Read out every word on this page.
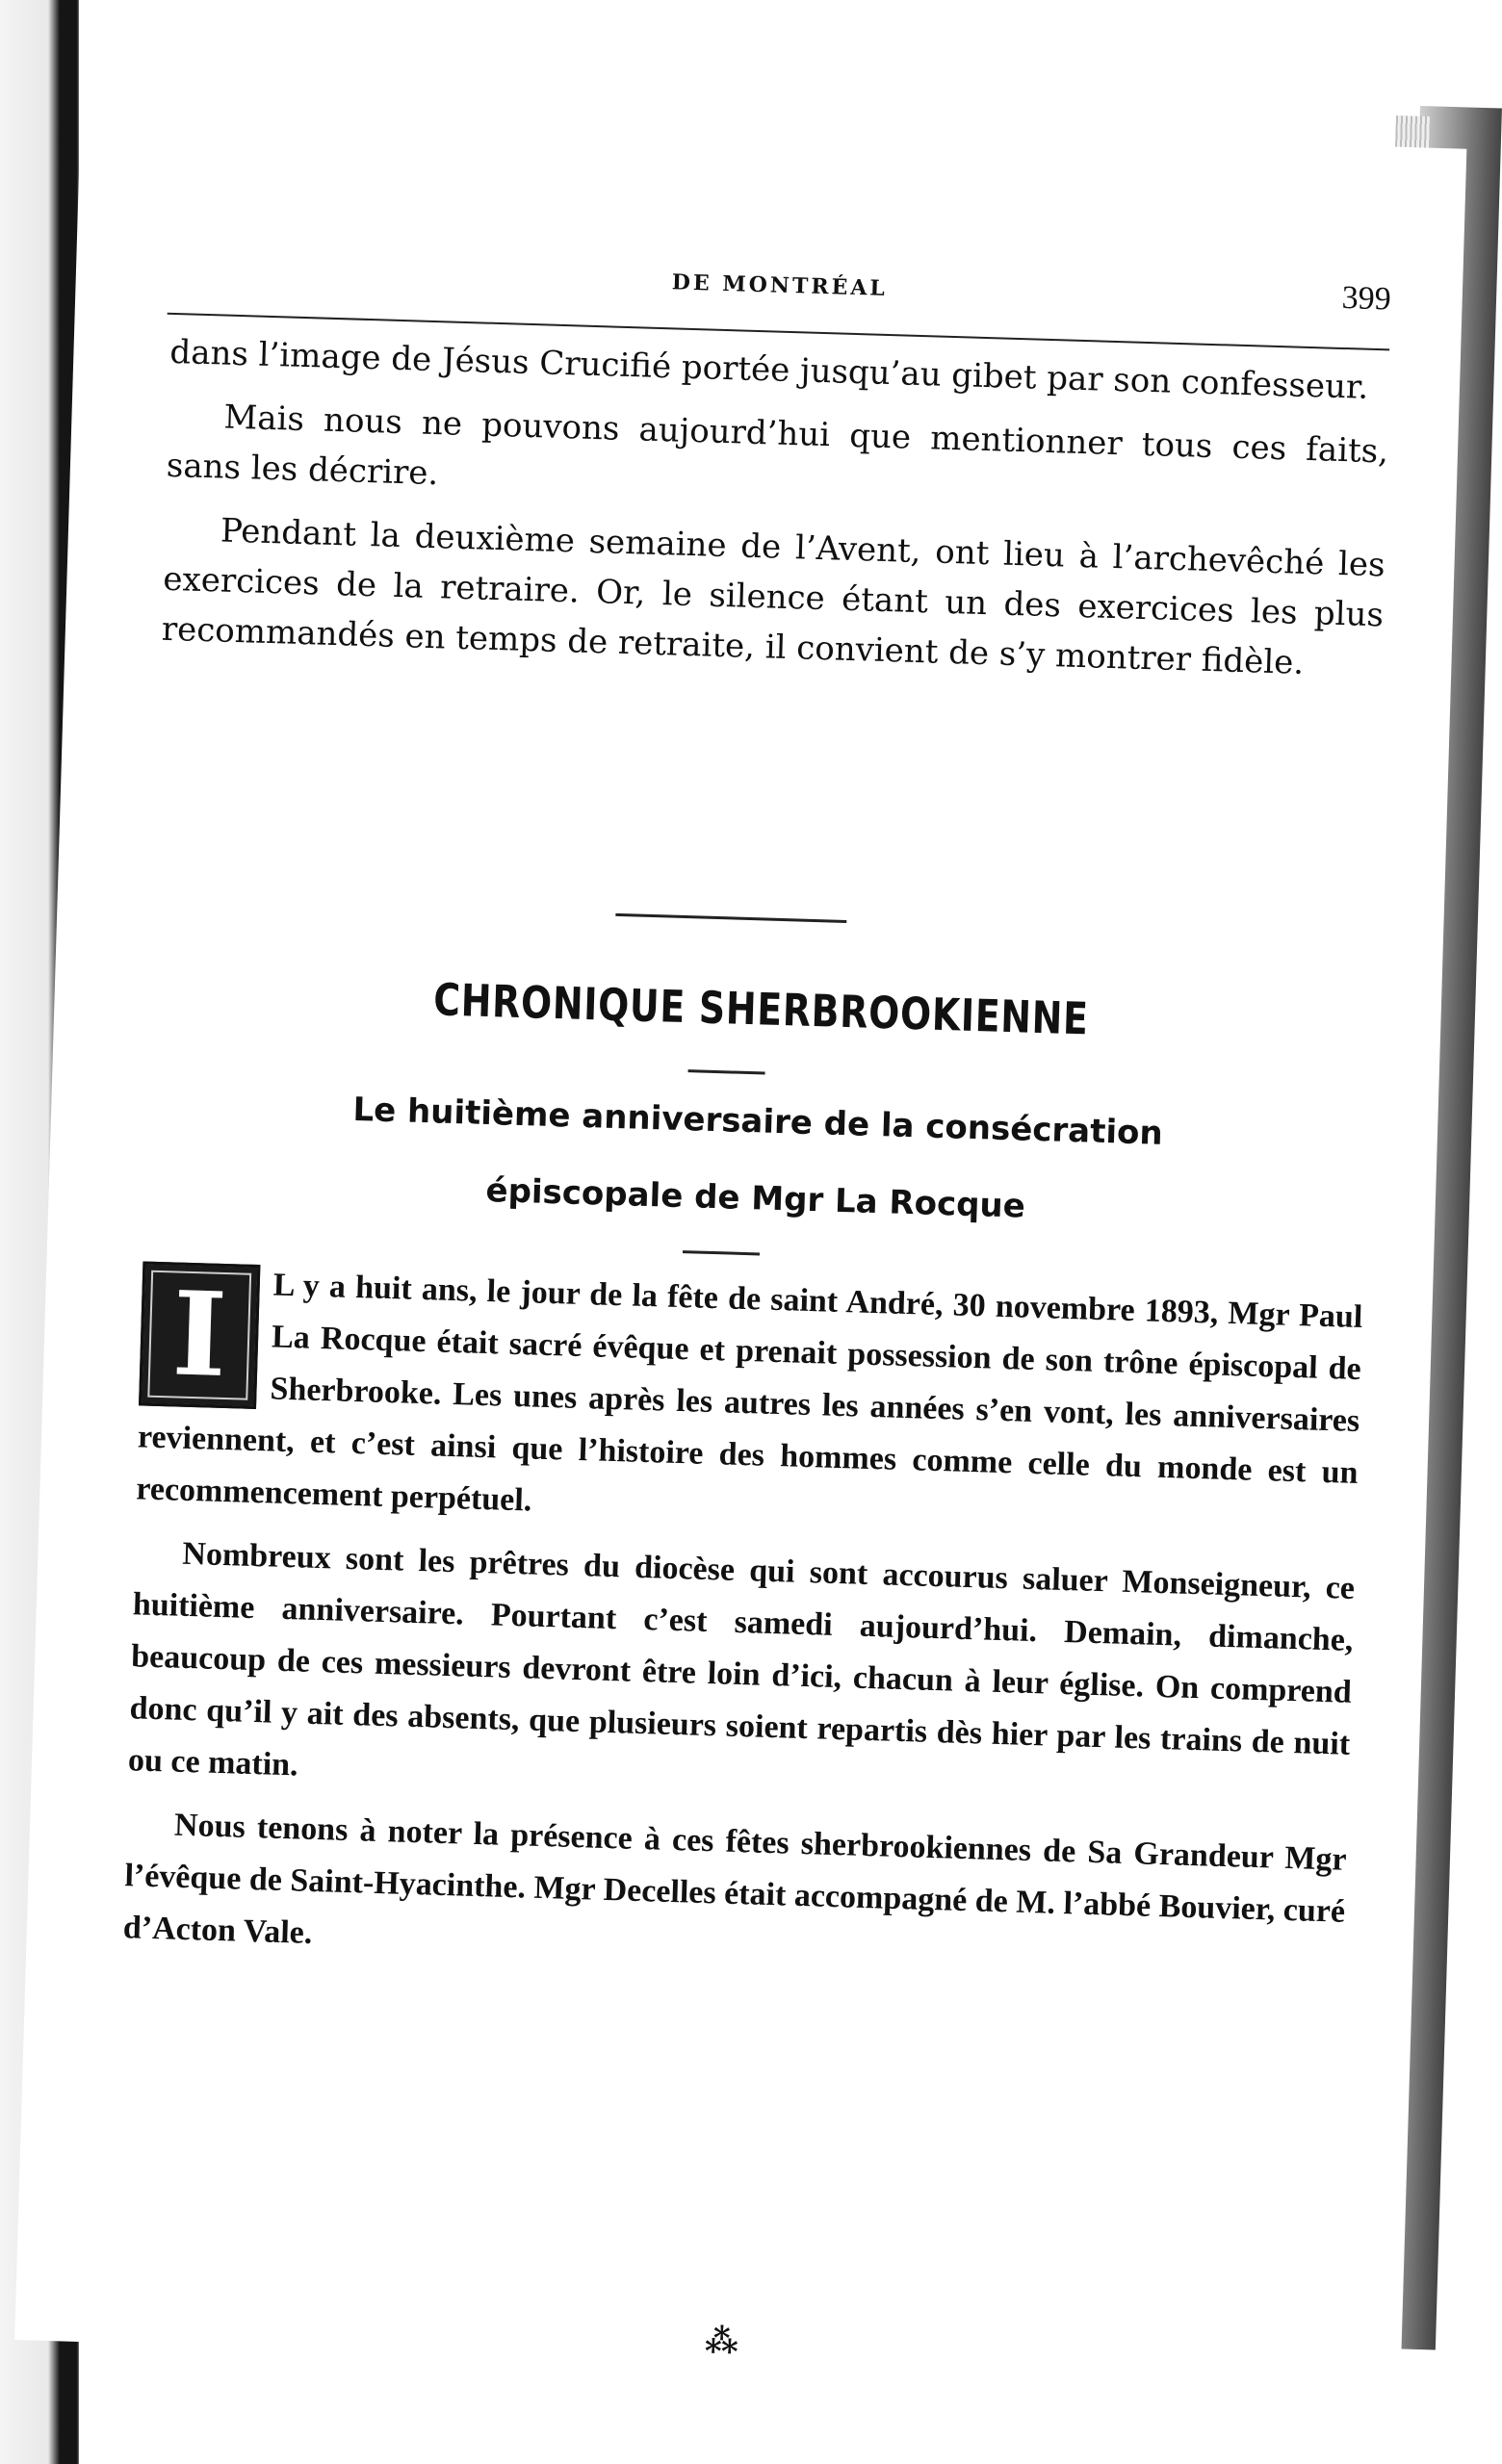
DE MONTRÉAL	399

dans l’image de Jésus Crucifié portée jusqu’au gibet par son confesseur.

Mais nous ne pouvons aujourd’hui que mentionner tous ces faits, sans les décrire.

Pendant la deuxième semaine de l’Avent, ont lieu à l’archevêché les exercices de la retraire. Or, le silence étant un des exercices les plus recommandés en temps de retraite, il convient de s’y montrer fidèle.

CHRONIQUE SHERBROOKIENNE
Le huitième anniversaire de la consécration
épiscopale de Mgr La Rocque

I	L y a huit ans, le jour de la fête de saint André, 30 novembre 1893, Mgr Paul La Rocque était sacré évêque et prenait possession de son trône épiscopal de Sherbrooke. Les unes après les autres les années s’en vont, les anniversaires reviennent, et c’est ainsi que l’histoire des hommes comme celle du monde est un recommencement perpétuel.

Nombreux sont les prêtres du diocèse qui sont accourus saluer Monseigneur, ce huitième anniversaire. Pourtant c’est samedi aujourd’hui. Demain, dimanche, beaucoup de ces messieurs devront être loin d’ici, chacun à leur église. On comprend donc qu’il y ait des absents, que plusieurs soient repartis dès hier par les trains de nuit ou ce matin.

Nous tenons à noter la présence à ces fêtes sherbrookiennes de Sa Grandeur Mgr l’évêque de Saint-Hyacinthe. Mgr Decelles était accompagné de M. l’abbé Bouvier, curé d’Acton Vale.

⁂
